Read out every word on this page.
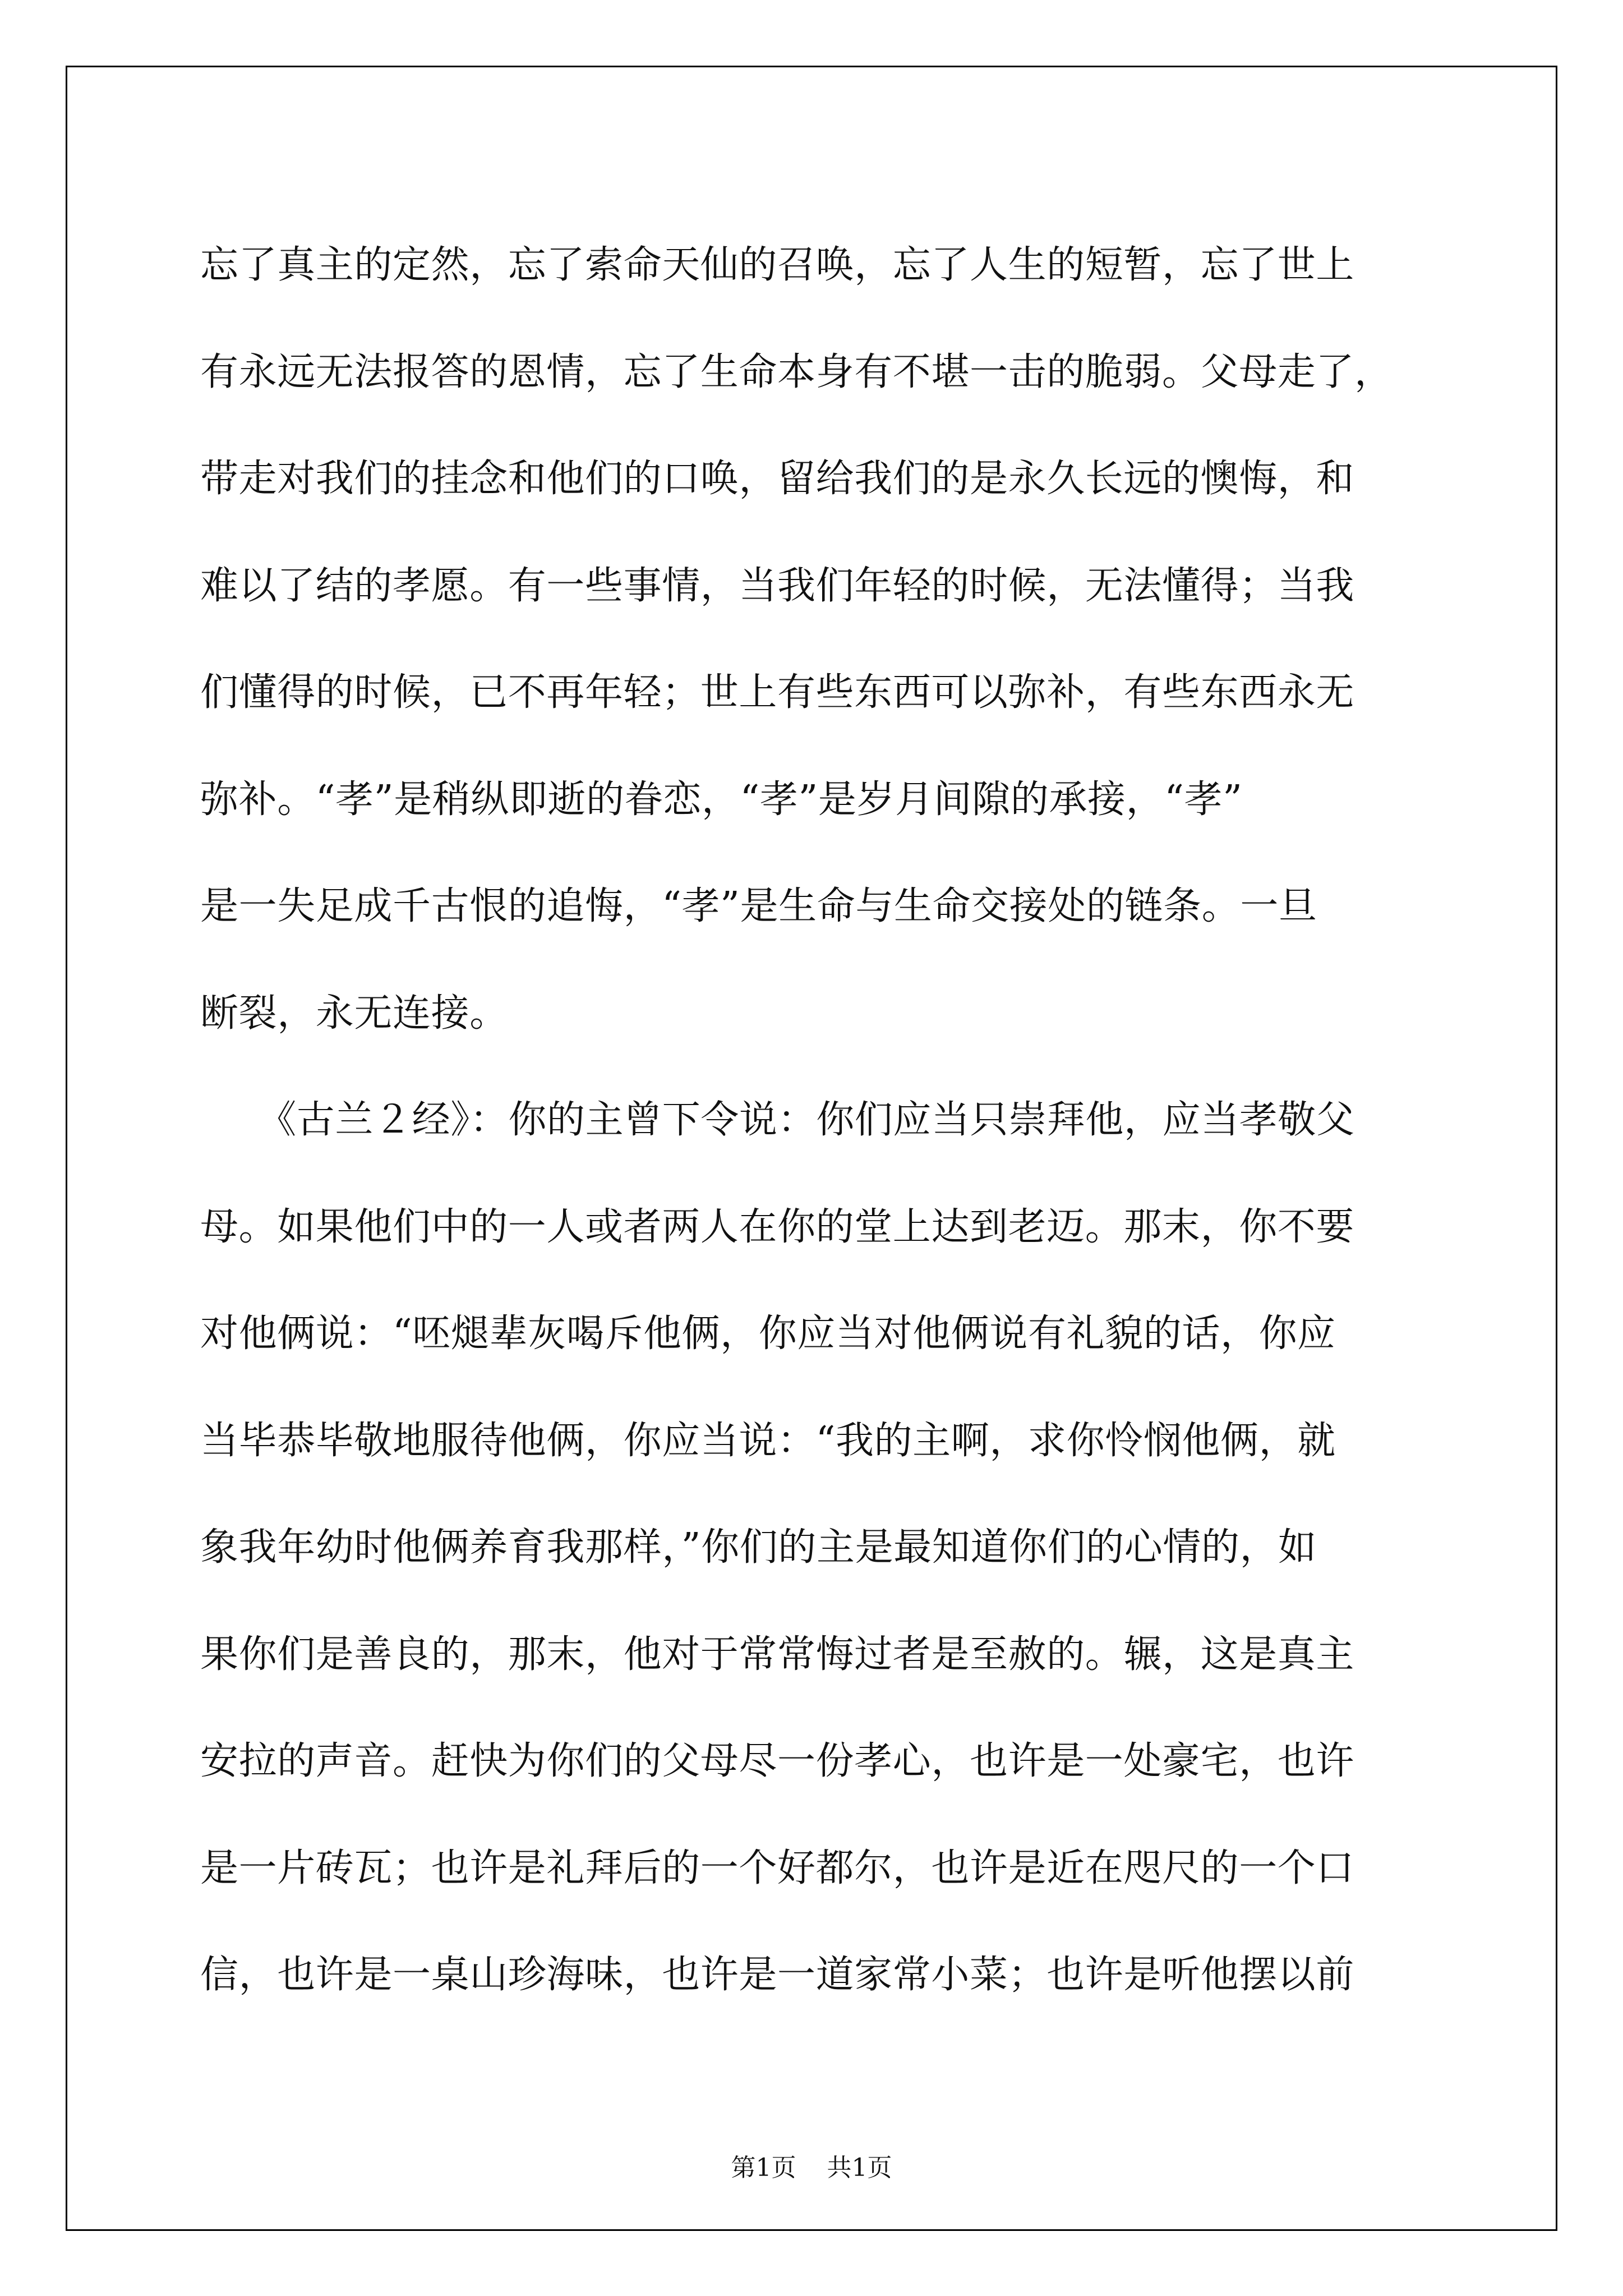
忘了真主的定然，忘了索命天仙的召唤，忘了人生的短暂，忘了世上
有永远无法报答的恩情，忘了生命本身有不堪一击的脆弱。父母走了，
带走对我们的挂念和他们的口唤，留给我们的是永久长远的懊悔，和
难以了结的孝愿。有一些事情，当我们年轻的时候，无法懂得；当我
们懂得的时候，已不再年轻；世上有些东西可以弥补，有些东西永无
弥补。“孝”是稍纵即逝的眷恋，“孝”是岁月间隙的承接，“孝”
是一失足成千古恨的追悔，“孝”是生命与生命交接处的链条。一旦
断裂，永无连接。
　　《古兰２经》：你的主曾下令说：你们应当只崇拜他，应当孝敬父
母。如果他们中的一人或者两人在你的堂上达到老迈。那末，你不要
对他俩说：“呸煺辈灰喝斥他俩，你应当对他俩说有礼貌的话，你应
当毕恭毕敬地服待他俩，你应当说：“我的主啊，求你怜悯他俩，就
象我年幼时他俩养育我那样，”你们的主是最知道你们的心情的，如
果你们是善良的，那末，他对于常常悔过者是至赦的。辗，这是真主
安拉的声音。赶快为你们的父母尽一份孝心，也许是一处豪宅，也许
是一片砖瓦；也许是礼拜后的一个好都尔，也许是近在咫尺的一个口
信，也许是一桌山珍海味，也许是一道家常小菜；也许是听他摆以前
第1页 共1页
